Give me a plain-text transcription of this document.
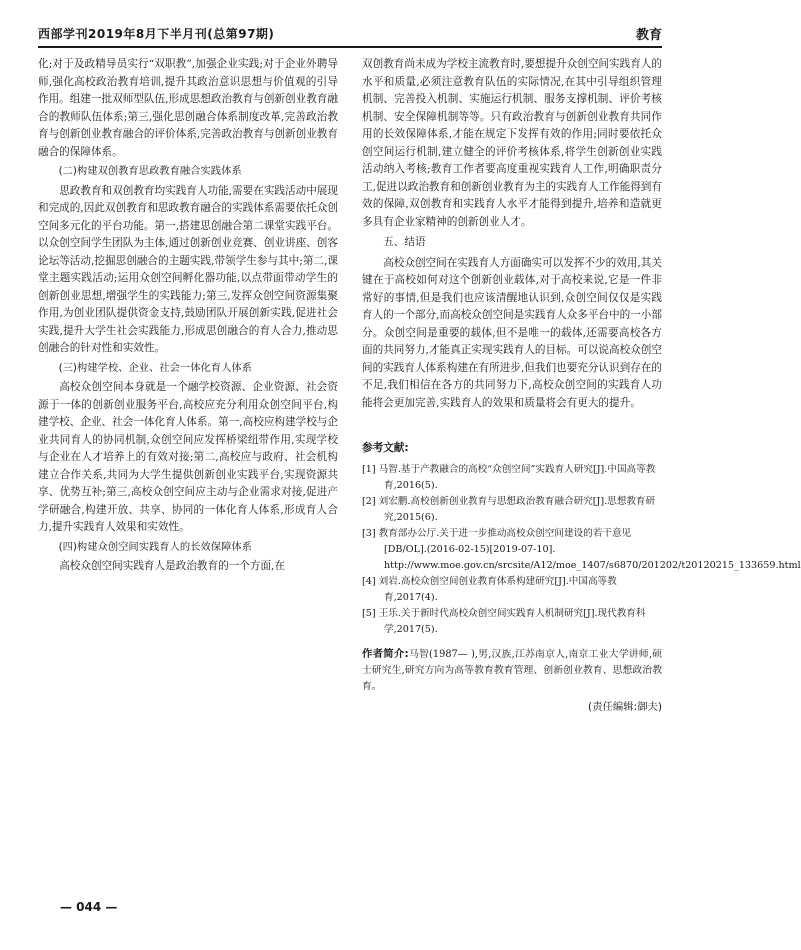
西部学刊2019年8月下半月刊(总第97期)	教育

化;对于及政精导员实行“双职教”,加强企业实践;对于企业外聘导师,强化高校政治教育培训,提升其政治意识思想与价值观的引导作用。组建一批双师型队伍,形成思想政治教育与创新创业教育融合的教师队伍体系;第三,强化思创融合体系制度改革,完善政治教育与创新创业教育融合的评价体系,完善政治教育与创新创业教育融合的保障体系。

(二)构建双创教育思政教育融合实践体系

思政教育和双创教育均实践育人功能,需要在实践活动中展现和完成的,因此双创教育和思政教育融合的实践体系需要依托众创空间多元化的平台功能。第一,搭建思创融合第二课堂实践平台。以众创空间学生团队为主体,通过创新创业竞赛、创业讲座、创客论坛等活动,挖掘思创融合的主题实践,带领学生参与其中;第二,课堂主题实践活动;运用众创空间孵化器功能,以点带面带动学生的创新创业思想,增强学生的实践能力;第三,发挥众创空间资源集聚作用,为创业团队提供资金支持,鼓励团队开展创新实践,促进社会实践,提升大学生社会实践能力,形成思创融合的育人合力,推动思创融合的针对性和实效性。

(三)构建学校、企业、社会一体化育人体系

高校众创空间本身就是一个融学校资源、企业资源、社会资源于一体的创新创业服务平台,高校应充分利用众创空间平台,构建学校、企业、社会一体化育人体系。第一,高校应构建学校与企业共同育人的协同机制,众创空间应发挥桥梁纽带作用,实现学校与企业在人才培养上的有效对接;第二,高校应与政府、社会机构建立合作关系,共同为大学生提供创新创业实践平台,实现资源共享、优势互补;第三,高校众创空间应主动与企业需求对接,促进产学研融合,构建开放、共享、协同的一体化育人体系,形成育人合力,提升实践育人效果和实效性。

(四)构建众创空间实践育人的长效保障体系

高校众创空间实践育人是政治教育的一个方面,在

双创教育尚未成为学校主流教育时,要想提升众创空间实践育人的水平和质量,必须注意教育队伍的实际情况,在其中引导组织管理机制、完善投入机制、实施运行机制、服务支撑机制、评价考核机制、安全保障机制等等。只有政治教育与创新创业教育共同作用的长效保障体系,才能在规定下发挥有效的作用;同时要依托众创空间运行机制,建立健全的评价考核体系,将学生创新创业实践活动纳入考核;教育工作者要高度重视实践育人工作,明确职责分工,促进以政治教育和创新创业教育为主的实践育人工作能得到有效的保障,双创教育和实践育人水平才能得到提升,培养和造就更多具有企业家精神的创新创业人才。

五、结语

高校众创空间在实践育人方面确实可以发挥不少的效用,其关键在于高校如何对这个创新创业载体,对于高校来说,它是一件非常好的事情,但是我们也应该清醒地认识到,众创空间仅仅是实践育人的一个部分,而高校众创空间是实践育人众多平台中的一小部分。众创空间是重要的载体,但不是唯一的载体,还需要高校各方面的共同努力,才能真正实现实践育人的目标。可以说高校众创空间的实践育人体系构建在有所进步,但我们也要充分认识到存在的不足,我们相信在各方的共同努力下,高校众创空间的实践育人功能将会更加完善,实践育人的效果和质量将会有更大的提升。

参考文献:
[1] 马智.基于产教融合的高校“众创空间”实践育人研究[J].中国高等教育,2016(5).
[2] 刘宏鹏.高校创新创业教育与思想政治教育融合研究[J].思想教育研究,2015(6).
[3] 教育部办公厅.关于进一步推动高校众创空间建设的若干意见[DB/OL].(2016-02-15)[2019-07-10]. http://www.moe.gov.cn/srcsite/A12/moe_1407/s6870/201202/t20120215_133659.html
[4] 刘岩.高校众创空间创业教育体系构建研究[J].中国高等教育,2017(4).
[5] 王乐.关于新时代高校众创空间实践育人机制研究[J].现代教育科学,2017(5).
作者简介:马智(1987— ),男,汉族,江苏南京人,南京工业大学讲师,硕士研究生,研究方向为高等教育教育管理、创新创业教育、思想政治教育。
(责任编辑:御夫)
— 044 —
